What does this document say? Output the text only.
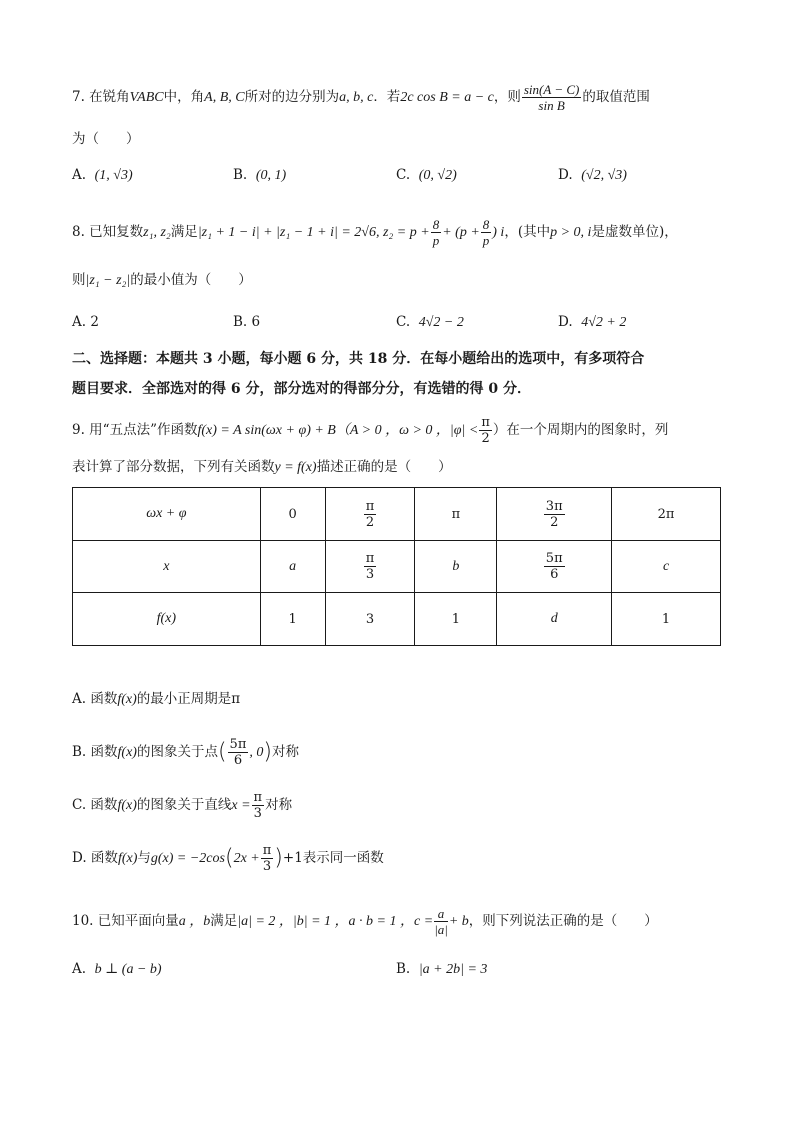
7. 在锐角VABC中，角A, B, C所对的边分别为a, b, c．若2c cos B = a − c，则 $\frac{\sin(A - C)}{\text{sin B}}$ 的取值范围
为（　　）
A. (1, √3)	B. (0, 1)	C. (0, √2)	D. (√2, √3)
8. 已知复数z₁, z₂满足|z₁ + 1 − i| + |z₁ − 1 + i| = 2√6, $z_2 = p + \frac{8}{p} + (p + \frac{8}{p}$ ) i，(其中p > 0, i是虚数单位)，
则|z₁ − z₂|的最小值为（　　）
A. 2	B. 6	C. 4√2 − 2	D. 4√2 + 2
二、选择题：本题共 3 小题，每小题 6 分，共 18 分．在每小题给出的选项中，有多项符合
题目要求．全部选对的得 6 分，部分选对的得部分分，有选错的得 0 分．
9. 用“五点法”作函数f(x) = A sin(ωx + φ) + B（A > 0 ，ω > 0 ，$|\varphi| < \frac{\pi}{2}$ ）在一个周期内的图象时，列
表计算了部分数据，下列有关函数y = f(x)描述正确的是（　　）
ωx + φ	0	$\frac{\pi}{2}$	π	$\frac{3\pi}{2}$	2π
x	a	$\frac{\pi}{3}$	b	$\frac{5\pi}{6}$	c
f(x)	1	3	1	d	1
A. 函数f(x)的最小正周期是π
B. 函数f(x)的图象关于点( $\frac{5\pi}{6}$ , 0)对称
C. 函数f(x)的图象关于直线$x = \frac{\pi}{3}$ 对称
D. 函数f(x)与$g(x) = -2\cos(2x + \frac{\pi}{3} )+1$表示同一函数
10. 已知平面向量a ，b满足|a| = 2 ，|b| = 1 ，a · b = 1 ，$c = \frac{a}{|a|} + b$，则下列说法正确的是（　　）
A. b ⊥ (a − b)	B. |a + 2b| = 3
